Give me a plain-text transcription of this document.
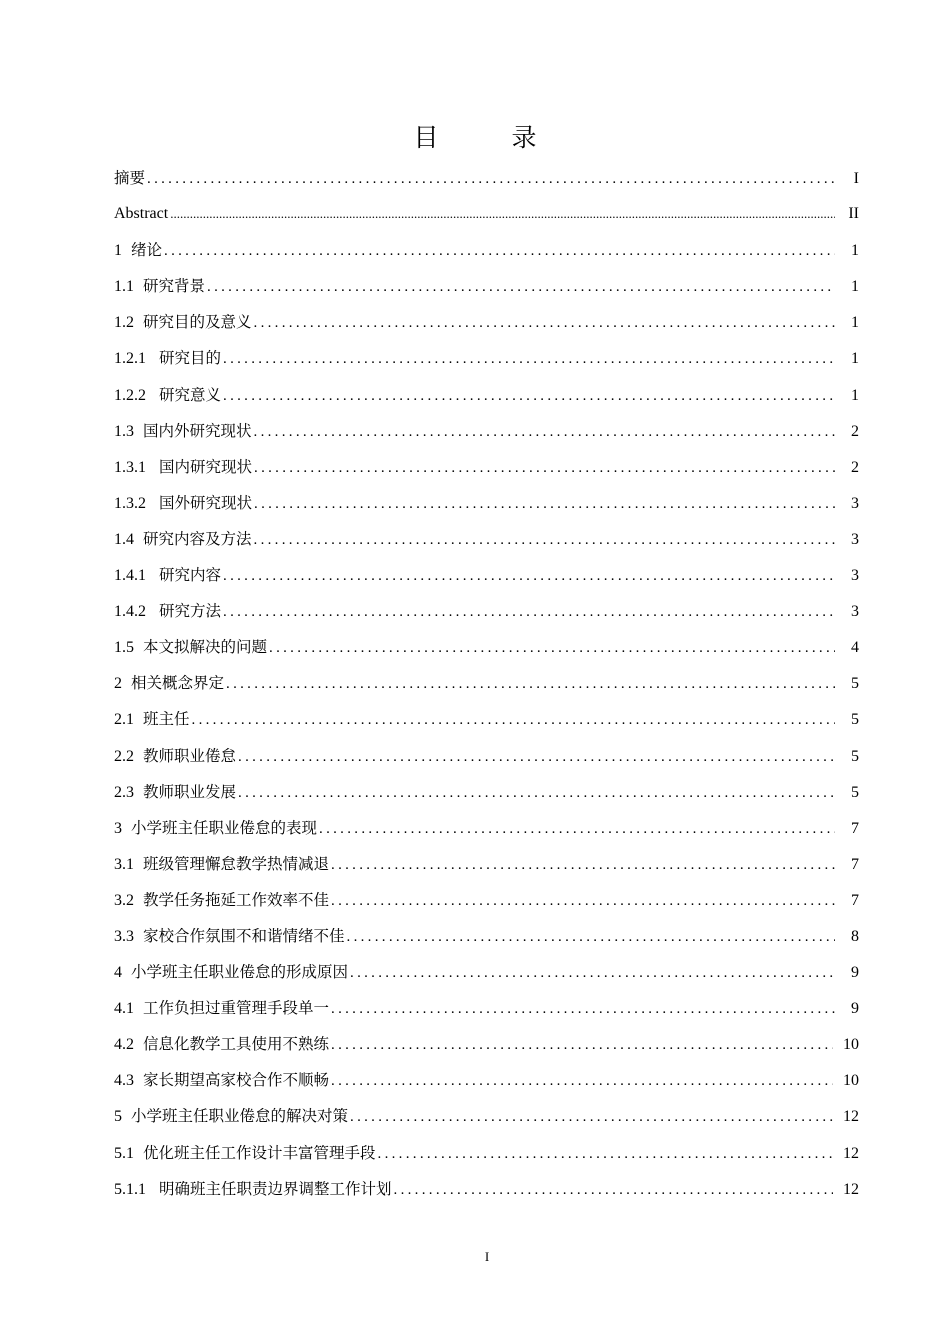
目　录
摘要 .....	I
Abstract .....	II
1 绪论 .....	1
1.1 研究背景 .....	1
1.2 研究目的及意义 .....	1
1.2.1 研究目的 .....	1
1.2.2 研究意义 .....	1
1.3 国内外研究现状 .....	2
1.3.1 国内研究现状 .....	2
1.3.2 国外研究现状 .....	3
1.4 研究内容及方法 .....	3
1.4.1 研究内容 .....	3
1.4.2 研究方法 .....	3
1.5 本文拟解决的问题 .....	4
2 相关概念界定 .....	5
2.1 班主任 .....	5
2.2 教师职业倦怠 .....	5
2.3 教师职业发展 .....	5
3 小学班主任职业倦怠的表现 .....	7
3.1 班级管理懈怠教学热情减退 .....	7
3.2 教学任务拖延工作效率不佳 .....	7
3.3 家校合作氛围不和谐情绪不佳 .....	8
4 小学班主任职业倦怠的形成原因 .....	9
4.1 工作负担过重管理手段单一 .....	9
4.2 信息化教学工具使用不熟练 .....	10
4.3 家长期望高家校合作不顺畅 .....	10
5 小学班主任职业倦怠的解决对策 .....	12
5.1 优化班主任工作设计丰富管理手段 .....	12
5.1.1 明确班主任职责边界调整工作计划 .....	12
I
